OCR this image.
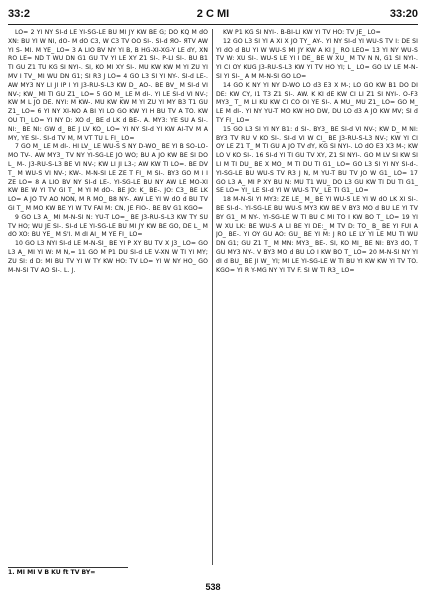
33:2	2 C MI	33:20

LO= 2 YI NY SI-d LE YI-SG-LE BU MI JY KW BE G; DO KQ M dO XN: BU YI W NI, dO- M dO C3, W C3 TV OO SI-. SI-d ЯO- ЯTV AW YI S- MI. M YE_ LO= 3 A LIO BV NY YI B, B HG-XI-XG-Y LE dY, XN RO LE= ND T WU DN G1 GU TV YI LE XY Z1 SI-. P-LI SI-. BU B1 TI GU Z1 TU KG SI NYI-. SI, KO MI XY SI-. MU KW KW M YI ZU YI MV I TV_ MI WU DN G1; SI R3 J LO= 4 GO L3 SI YI NY-. SI-d LE-. AW MY3 NY LI JI IP I YI J3-RU-S-L3 KW D_ AO-. BE BV_ M SI-d VI NV-; KW_ MI TI GU Z1_ LO= 5 GO M_ LE M dI-. YI LE SI-d VI NV-; KW M L JO DE. NYI: M KW-. MU KW KW M YI ZU YI MY B3 T1 GU Z1_ LO= 6 YI NY XI-NO A BI YI LO GO KW YI H BU TV A TO. KW OU TI_ LO= YI NY D: XO d_ BE d LK d BE-. A. MY3: YE SU A SI-. NI:_ BE NI: GW d_ BE J LV KO_ LO= YI NY SI-d YI KW AI-TV M A MY, YE SI-. SI-d TV M, M VT TU L FI_ LO=

7 GO M_ LE M dI-. HI LV_ LE WU-S S NY D-WO_ BE YI B SO-LO-MO TV-. AW MY3_ TV NY YI-SG-LE JO WO; BU A JO KW BE SI DO L_ M-. J3-RU-S-L3 BE VI NV-; KW LI JI L3-; AW KW TI LO=. BE DV T_ M WU-S VI NV-; KW-. M-N-SI LE ZE T FI_ M SI-. BY3 GO M I I ZE LO= 8 A LIO BV NY SI-d LE-. YI-SG-LE BU NY AW LE MO-XI KW BE W YI TV GI T_ M YI M dO-. BE JO: K_ BE-. JO: C3_ BE LK LO= A JO TV AO NON, M R MO_ B8 NY-. AW LE YI W dO d BU TV GI T_ M MO KW BE YI W TV FAI M: CN, JE FIO-. BE BV G1 KGO=

9 GO L3 A_ MI M-N-SI N: YU-T LO=_ BE J3-RU-S-L3 KW TY SU TV HO; WU JE SI-. SI-d LE YI-SG-LE BU MI JY KW BE GO, DE L_ M dO XO: BU YE_ M S'I. M dI AI_ M YE FI_ LO=

10 GO L3 NYI SI-d LE M-N-SI_ BE YI P XY BU TV X J3_ LO= GO L3 A_ MI YI W: M N,= 11 GO M P1 DU SI-d LE V-XN W TI YI MY; ZU SI: d D: MI BU TV YI W TY KW HO: TV LO= YI W NY HO_ GO M-N-SI TV AO SI-. L. J.

KW P1 KG SI NYI-. B-BI-LI KW YI TV HO: TV JE_ LO=

12 GO L3 SI YI A XI X JO TY_ AY-. YI NY SI-d YI WU-S TV I: DE SI YI dO d BU YI W WU-S MI JY KW A KI J_ RO LEO= 13 YI NY WU-S TV W: XU SI-. WU-S LE YI I DE_ BE W XU_ M TV N N, G1 SI NYI-. YI CI OY KUG J3-RU-S-L3 KW YI TV HO YI; L_ LO= GO LV LE M-N-SI YI SI-_ A M M-N-SI GO LO=

14 GO K NY YI NY D-WO LO d3 E3 X M-; LO GO KW B1 DO DI DE: KW CY, I1 T3 Z1 SI-. AW. K KI dE KW CI LI Z1 SI NYI-. O-F3 MY3_ T_ M LI KU KW CI CO OI YE SI-. A MU_ MU Z1_ LO= GO M_ LE M dI-. YI NY YU-T MO KW HO DW, DU LO d3 A JO KW MV; SI d TY FI_ LO=

15 GO L3 SI YI NY B1: d SI-. BY3_ BE SI-d VI NV-; KW D_ M NI: BY3 TV RU V KO SI-. SI-d VI W CI_ BE J3-RU-S-L3 NV-; KW YI CI OY LE Z1 T_ M TI GU A JO TV dY, KG SI NYI-. LO dO E3 X3 M-; KW LO V KO SI-. 16 SI-d YI TI GU TV XY, Z1 SI NYI-. GO M LV SI KW SI LI M TI DU_ BE X MO_ M TI DU TI G1_ LO= GO L3 SI YI NY SI-d-. YI-SG-LE BU WU-S TV R3 J N, M YU-T BU TV JO W G1_ LO= 17 GO L3 A_ MI P XY BU N: MU T1 WU_ DO L3 GU KW TI DU TI G1_ SE LO= YI_ LE SI-d YI W WU-S TV_ LE TI G1_ LO=

18 M-N-SI YI MY3: ZE LE_ M_ BE YI WU-S LE YI W dO LK XI SI-. BE SI-d-. YI-SG-LE BU WU-S MY3 KW BE V BY3 MO d BU LE YI TV BY G1_ M NY-. YI-SG-LE W TI BU C MI TO I KW BO T_ LO= 19 YI W XU LK: BE WU-S A LI BE YI DE:_ M TV D: TO_ B_ BE YI FUI A JO_ BE-. YI OY GU AO: GU_ BE YI M: J RO LE LY YI LE MU TI WU DN G1; GU Z1 T_ M MN: MY3_ BE-. SI, KO MI_ BE NI: BY3 dO, T GU MY3 NY-. V BY3 MO d BU LO I KW BO T_ LO= 20 M-N-SI NY YI dI d BU_ BE JI W_ YI; MI LE YI-SG-LE W TI BU YI KW KW YI TV TO. KGO= YI R Y-MG NY YI TV F. SI W TI R3_ LO=

1. MI MI V B KU ft TV BY=
538
